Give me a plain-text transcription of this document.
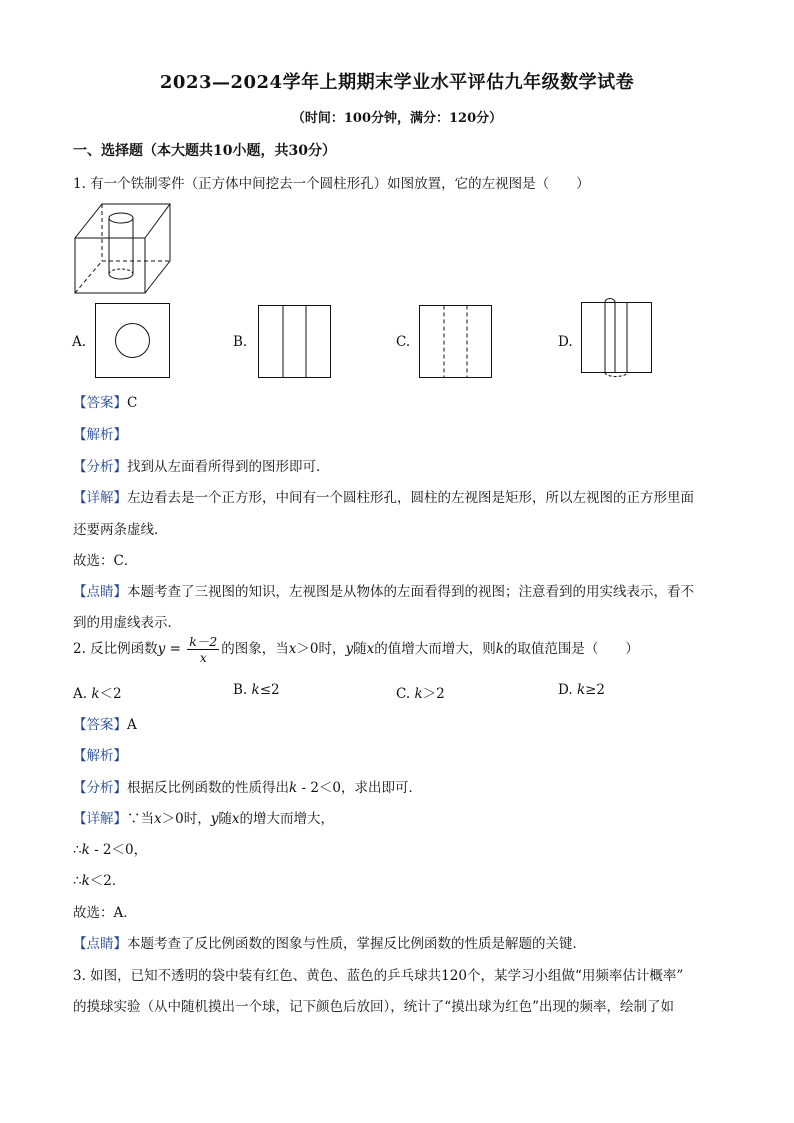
2023—2024学年上期期末学业水平评估九年级数学试卷
（时间：100分钟，满分：120分）
一、选择题（本大题共10小题，共30分）
1. 有一个铁制零件（正方体中间挖去一个圆柱形孔）如图放置，它的左视图是（　　）
A.	B.	C.	D.
【答案】C
【解析】
【分析】找到从左面看所得到的图形即可．
【详解】左边看去是一个正方形，中间有一个圆柱形孔，圆柱的左视图是矩形，所以左视图的正方形里面
还要两条虚线．
故选：C．
【点睛】本题考查了三视图的知识，左视图是从物体的左面看得到的视图；注意看到的用实线表示，看不
到的用虚线表示．
2. 反比例函数$y = \frac{k-2}{x}$ 的图象，当x＞0时，y随x的值增大而增大，则k的取值范围是（　　）
A. k＜2	B. k≤2	C. k＞2	D. k≥2
【答案】A
【解析】
【分析】根据反比例函数的性质得出k - 2＜0，求出即可．
【详解】∵当x＞0时，y随x的增大而增大，
∴k - 2＜0，
∴k＜2．
故选：A．
【点睛】本题考查了反比例函数的图象与性质，掌握反比例函数的性质是解题的关键．
3. 如图，已知不透明的袋中装有红色、黄色、蓝色的乒乓球共120个，某学习小组做“用频率估计概率”
的摸球实验（从中随机摸出一个球，记下颜色后放回），统计了“摸出球为红色”出现的频率，绘制了如
